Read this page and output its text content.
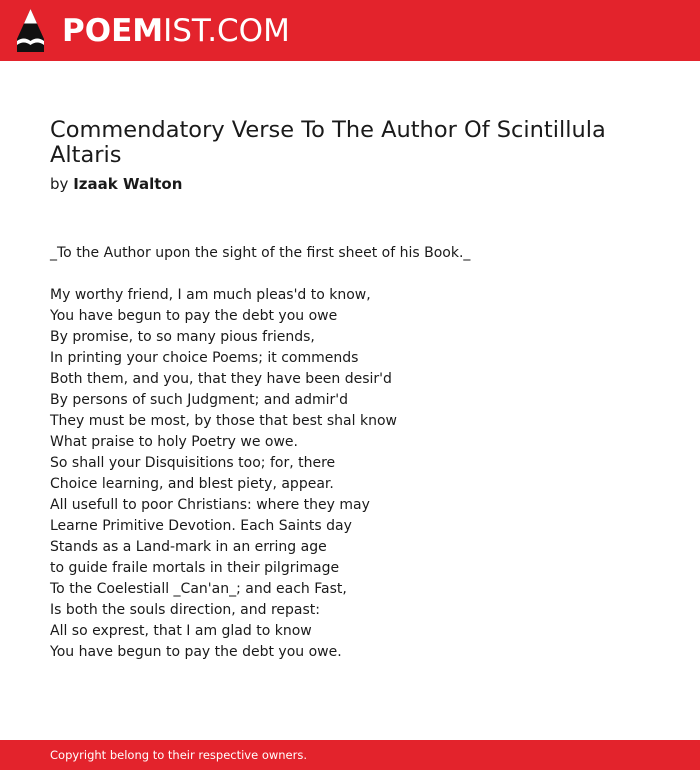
POEMIST.COM
Commendatory Verse To The Author Of Scintillula Altaris
by Izaak Walton
_To the Author upon the sight of the first sheet of his Book._
My worthy friend, I am much pleas'd to know,
You have begun to pay the debt you owe
By promise, to so many pious friends,
In printing your choice Poems; it commends
Both them, and you, that they have been desir'd
By persons of such Judgment; and admir'd
They must be most, by those that best shal know
What praise to holy Poetry we owe.
So shall your Disquisitions too; for, there
Choice learning, and blest piety, appear.
All usefull to poor Christians: where they may
Learne Primitive Devotion. Each Saints day
Stands as a Land-mark in an erring age
to guide fraile mortals in their pilgrimage
To the Coelestiall _Can'an_; and each Fast,
Is both the souls direction, and repast:
All so exprest, that I am glad to know
You have begun to pay the debt you owe.
Copyright belong to their respective owners.
